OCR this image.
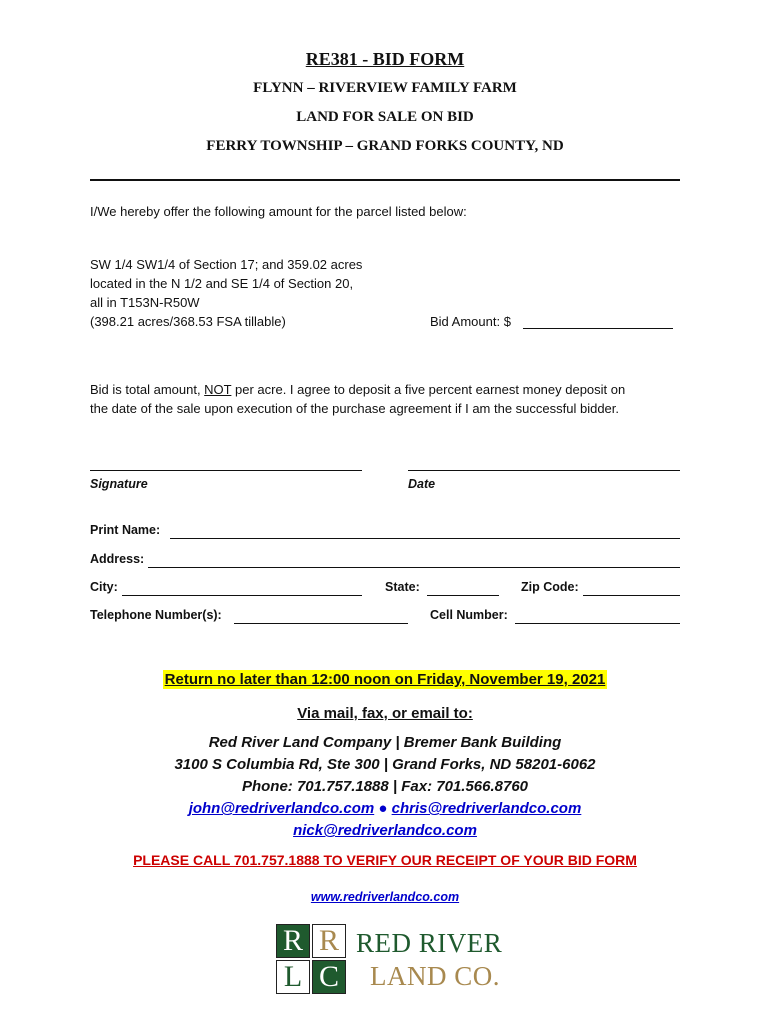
RE381 - BID FORM
FLYNN – RIVERVIEW FAMILY FARM
LAND FOR SALE ON BID
FERRY TOWNSHIP – GRAND FORKS COUNTY, ND
I/We hereby offer the following amount for the parcel listed below:
SW 1/4 SW1/4 of Section 17; and 359.02 acres
located in the N 1/2 and SE 1/4 of Section 20,
all in T153N-R50W
(398.21 acres/368.53 FSA tillable)	Bid Amount: $
Bid is total amount, NOT per acre. I agree to deposit a five percent earnest money deposit on
the date of the sale upon execution of the purchase agreement if I am the successful bidder.
Signature	Date
Print Name:
Address:
City:	State:	Zip Code:
Telephone Number(s):	Cell Number:
Return no later than 12:00 noon on Friday, November 19, 2021
Via mail, fax, or email to:
Red River Land Company | Bremer Bank Building
3100 S Columbia Rd, Ste 300 | Grand Forks, ND 58201-6062
Phone: 701.757.1888 | Fax: 701.566.8760
john@redriverlandco.com ● chris@redriverlandco.com
nick@redriverlandco.com
PLEASE CALL 701.757.1888 TO VERIFY OUR RECEIPT OF YOUR BID FORM
www.redriverlandco.com
R R
L C
RED RIVER
LAND CO.
